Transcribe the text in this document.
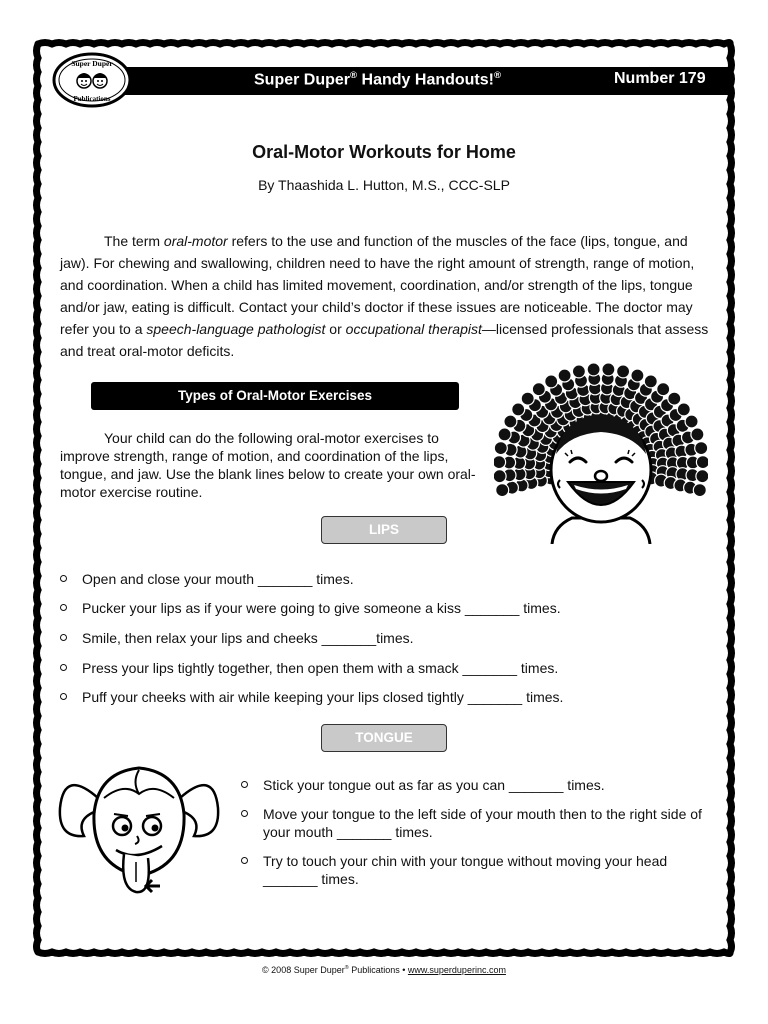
Super Duper
Publications
Super Duper® Handy Handouts!®	Number 179
Oral-Motor Workouts for Home
By Thaashida L. Hutton, M.S., CCC-SLP

The term oral-motor refers to the use and function of the muscles of the face (lips, tongue, and jaw). For chewing and swallowing, children need to have the right amount of strength, range of motion, and coordination. When a child has limited movement, coordination, and/or strength of the lips, tongue and/or jaw, eating is difficult. Contact your child’s doctor if these issues are noticeable. The doctor may refer you to a speech-language pathologist or occupational therapist—licensed professionals that assess and treat oral-motor deficits.

Types of Oral-Motor Exercises

Your child can do the following oral-motor exercises to improve strength, range of motion, and coordination of the lips, tongue, and jaw. Use the blank lines below to create your own oral-motor exercise routine.

LIPS
Open and close your mouth _______ times.
Pucker your lips as if your were going to give someone a kiss _______ times.
Smile, then relax your lips and cheeks _______times.
Press your lips tightly together, then open them with a smack _______ times.
Puff your cheeks with air while keeping your lips closed tightly _______ times.
TONGUE
Stick your tongue out as far as you can _______ times.
Move your tongue to the left side of your mouth then to the right side of your mouth _______ times.
Try to touch your chin with your tongue without moving your head _______ times.
© 2008 Super Duper® Publications • www.superduperinc.com
